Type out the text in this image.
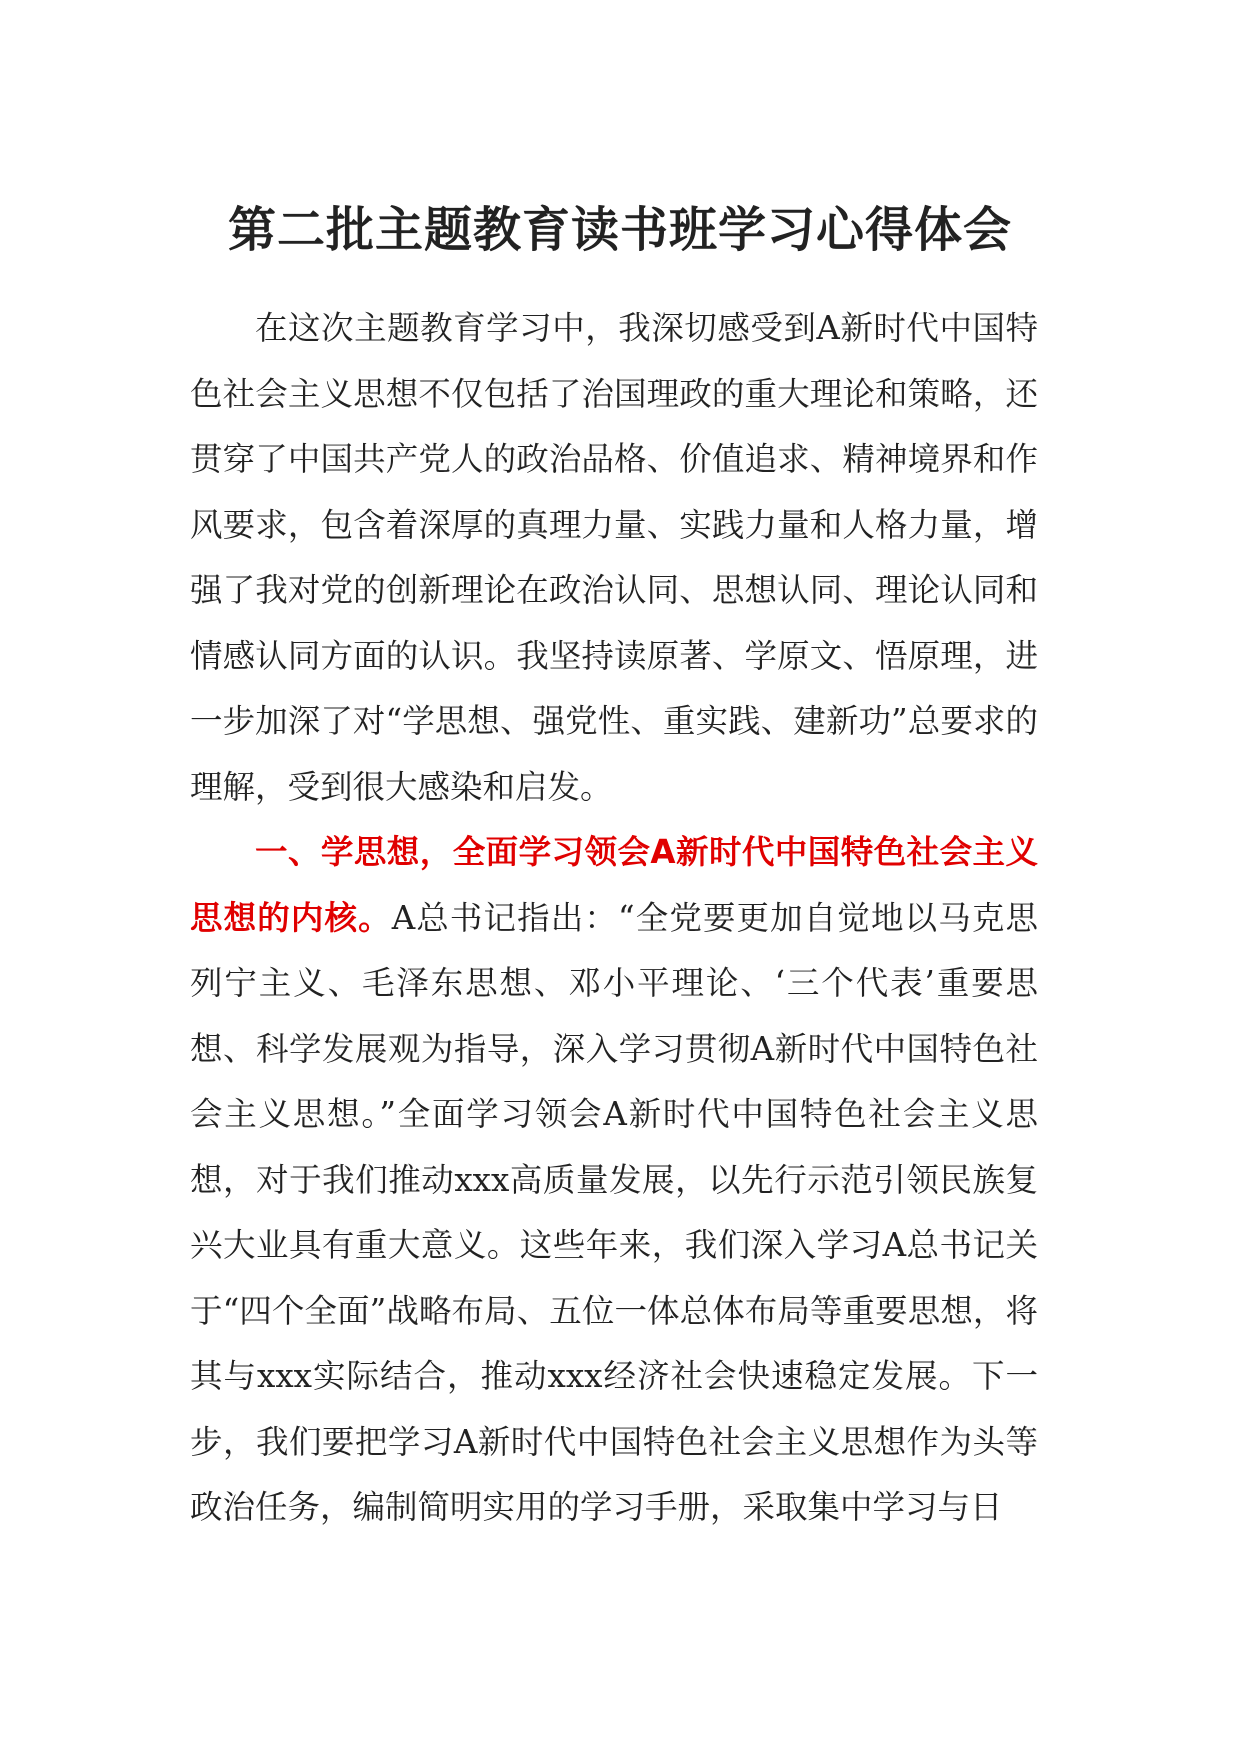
第二批主题教育读书班学习心得体会

在这次主题教育学习中，我深切感受到A新时代中国特色社会主义思想不仅包括了治国理政的重大理论和策略，还贯穿了中国共产党人的政治品格、价值追求、精神境界和作风要求，包含着深厚的真理力量、实践力量和人格力量，增强了我对党的创新理论在政治认同、思想认同、理论认同和情感认同方面的认识。我坚持读原著、学原文、悟原理，进一步加深了对“学思想、强党性、重实践、建新功”总要求的理解，受到很大感染和启发。

一、学思想，全面学习领会A新时代中国特色社会主义思想的内核。A总书记指出：“全党要更加自觉地以马克思列宁主义、毛泽东思想、邓小平理论、‘三个代表’重要思想、科学发展观为指导，深入学习贯彻A新时代中国特色社会主义思想。”全面学习领会A新时代中国特色社会主义思想，对于我们推动xxx高质量发展，以先行示范引领民族复兴大业具有重大意义。这些年来，我们深入学习A总书记关于“四个全面”战略布局、五位一体总体布局等重要思想，将其与xxx实际结合，推动xxx经济社会快速稳定发展。下一步，我们要把学习A新时代中国特色社会主义思想作为头等政治任务，编制简明实用的学习手册，采取集中学习与日
